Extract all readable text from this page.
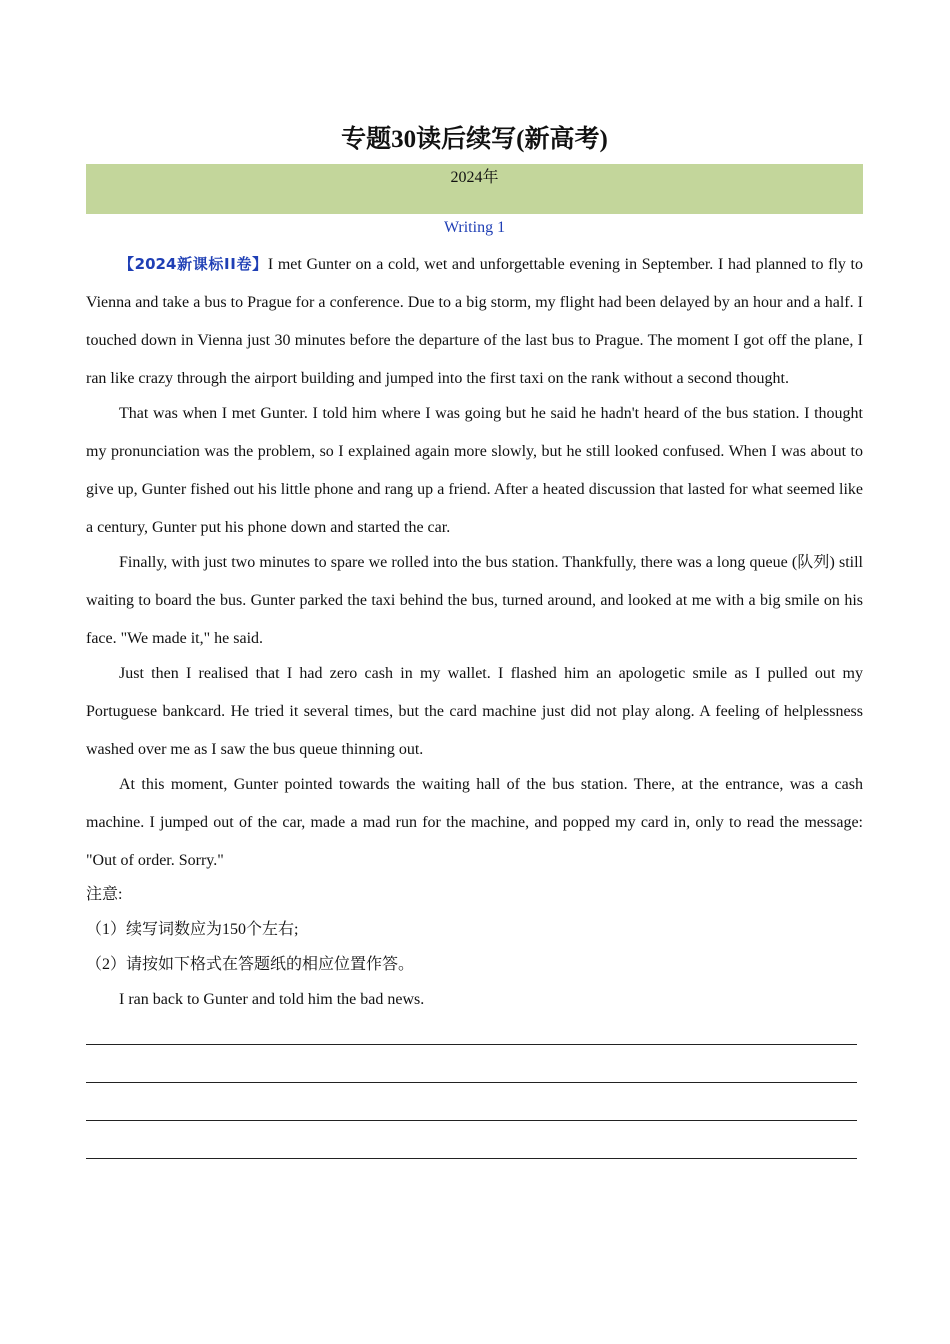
专题30读后续写(新高考)
2024年
Writing 1

【2024新课标ⅠⅠ卷】I met Gunter on a cold, wet and unforgettable evening in September. I had planned to fly to Vienna and take a bus to Prague for a conference. Due to a big storm, my flight had been delayed by an hour and a half. I touched down in Vienna just 30 minutes before the departure of the last bus to Prague. The moment I got off the plane, I ran like crazy through the airport building and jumped into the first taxi on the rank without a second thought.

That was when I met Gunter. I told him where I was going but he said he hadn't heard of the bus station. I thought my pronunciation was the problem, so I explained again more slowly, but he still looked confused. When I was about to give up, Gunter fished out his little phone and rang up a friend. After a heated discussion that lasted for what seemed like a century, Gunter put his phone down and started the car.

Finally, with just two minutes to spare we rolled into the bus station. Thankfully, there was a long queue (队列) still waiting to board the bus. Gunter parked the taxi behind the bus, turned around, and looked at me with a big smile on his face. "We made it," he said.

Just then I realised that I had zero cash in my wallet. I flashed him an apologetic smile as I pulled out my Portuguese bankcard. He tried it several times, but the card machine just did not play along. A feeling of helplessness washed over me as I saw the bus queue thinning out.

At this moment, Gunter pointed towards the waiting hall of the bus station. There, at the entrance, was a cash machine. I jumped out of the car, made a mad run for the machine, and popped my card in, only to read the message: "Out of order. Sorry."

注意:

（1）续写词数应为150个左右;

（2）请按如下格式在答题纸的相应位置作答。

I ran back to Gunter and told him the bad news.
